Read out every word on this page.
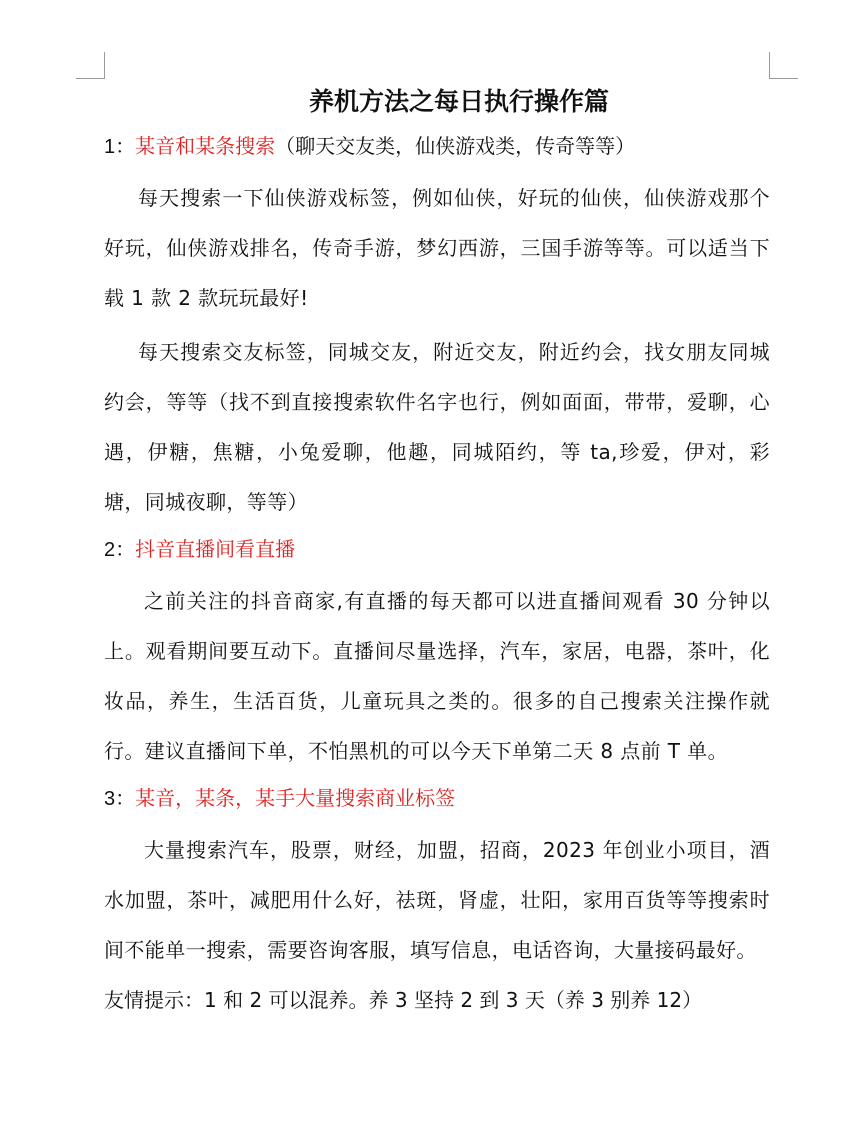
养机方法之每日执行操作篇
1：某音和某条搜索（聊天交友类，仙侠游戏类，传奇等等）

每天搜索一下仙侠游戏标签，例如仙侠，好玩的仙侠，仙侠游戏那个好玩，仙侠游戏排名，传奇手游，梦幻西游，三国手游等等。可以适当下载 1 款 2 款玩玩最好!

每天搜索交友标签，同城交友，附近交友，附近约会，找女朋友同城约会，等等（找不到直接搜索软件名字也行，例如面面，带带，爱聊，心遇，伊糖，焦糖，小兔爱聊，他趣，同城陌约，等 ta,珍爱，伊对，彩塘，同城夜聊，等等）

2：抖音直播间看直播

之前关注的抖音商家,有直播的每天都可以进直播间观看 30 分钟以上。观看期间要互动下。直播间尽量选择，汽车，家居，电器，茶叶，化妆品，养生，生活百货，儿童玩具之类的。很多的自己搜索关注操作就行。建议直播间下单，不怕黑机的可以今天下单第二天 8 点前 T 单。

3：某音，某条，某手大量搜索商业标签

大量搜索汽车，股票，财经，加盟，招商，2023 年创业小项目，酒水加盟，茶叶，减肥用什么好，祛斑，肾虚，壮阳，家用百货等等搜索时间不能单一搜索，需要咨询客服，填写信息，电话咨询，大量接码最好。

友情提示：1 和 2 可以混养。养 3 坚持 2 到 3 天（养 3 别养 12）
